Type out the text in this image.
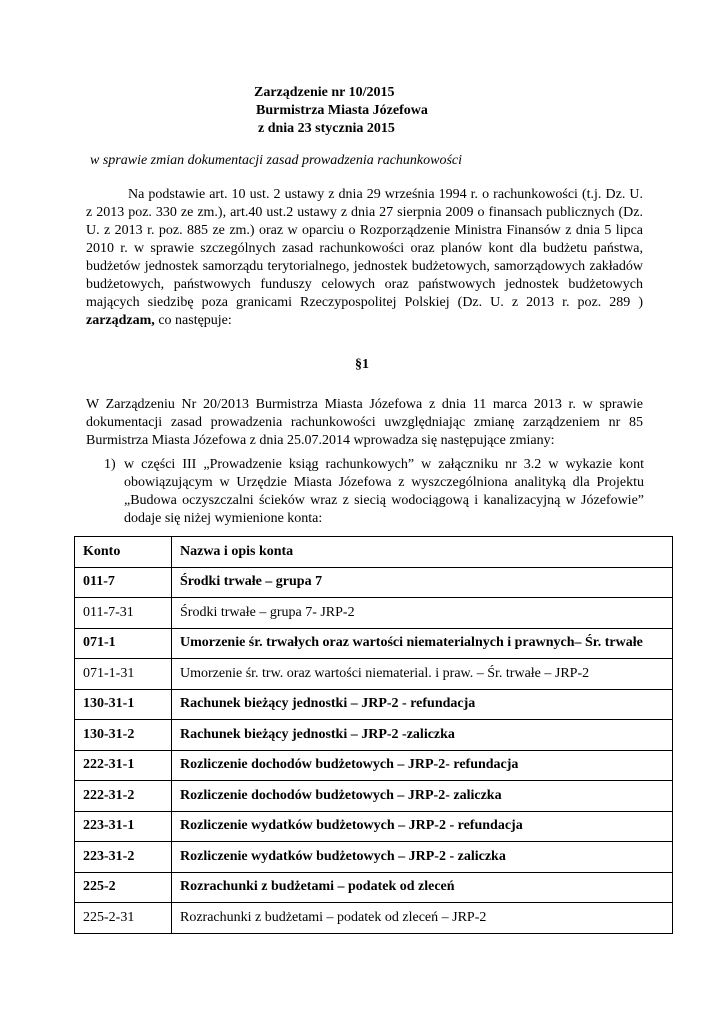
Zarządzenie nr 10/2015
Burmistrza Miasta Józefowa
z dnia 23 stycznia 2015
w sprawie zmian dokumentacji zasad prowadzenia rachunkowości
Na podstawie art. 10 ust. 2 ustawy z dnia 29 września 1994 r. o rachunkowości (t.j. Dz. U. z 2013 poz. 330 ze zm.), art.40 ust.2 ustawy z dnia 27 sierpnia 2009 o finansach publicznych (Dz. U. z 2013 r. poz. 885 ze zm.) oraz w oparciu o Rozporządzenie Ministra Finansów z dnia 5 lipca 2010 r. w sprawie szczególnych zasad rachunkowości oraz planów kont dla budżetu państwa, budżetów jednostek samorządu terytorialnego, jednostek budżetowych, samorządowych zakładów budżetowych, państwowych funduszy celowych oraz państwowych jednostek budżetowych mających siedzibę poza granicami Rzeczypospolitej Polskiej (Dz. U. z 2013 r. poz. 289 ) zarządzam, co następuje:
§1
W Zarządzeniu Nr 20/2013 Burmistrza Miasta Józefowa z dnia 11 marca 2013 r. w sprawie dokumentacji zasad prowadzenia rachunkowości uwzględniając zmianę zarządzeniem nr 85 Burmistrza Miasta Józefowa z dnia 25.07.2014 wprowadza się następujące zmiany:
1) w części III „Prowadzenie ksiąg rachunkowych” w załączniku nr 3.2 w wykazie kont obowiązującym w Urzędzie Miasta Józefowa z wyszczególniona analityką dla Projektu „Budowa oczyszczalni ścieków wraz z siecią wodociągową i kanalizacyjną w Józefowie” dodaje się niżej wymienione konta:
Konto	Nazwa i opis konta
011-7	Środki trwałe – grupa 7
011-7-31	Środki trwałe – grupa 7- JRP-2
071-1	Umorzenie śr. trwałych oraz wartości niematerialnych i prawnych– Śr. trwałe
071-1-31	Umorzenie śr. trw. oraz wartości niematerial. i praw. – Śr. trwałe – JRP-2
130-31-1	Rachunek bieżący jednostki – JRP-2 - refundacja
130-31-2	Rachunek bieżący jednostki – JRP-2 -zaliczka
222-31-1	Rozliczenie dochodów budżetowych – JRP-2- refundacja
222-31-2	Rozliczenie dochodów budżetowych – JRP-2- zaliczka
223-31-1	Rozliczenie wydatków budżetowych – JRP-2 - refundacja
223-31-2	Rozliczenie wydatków budżetowych – JRP-2 - zaliczka
225-2	Rozrachunki z budżetami – podatek od zleceń
225-2-31	Rozrachunki z budżetami – podatek od zleceń – JRP-2
